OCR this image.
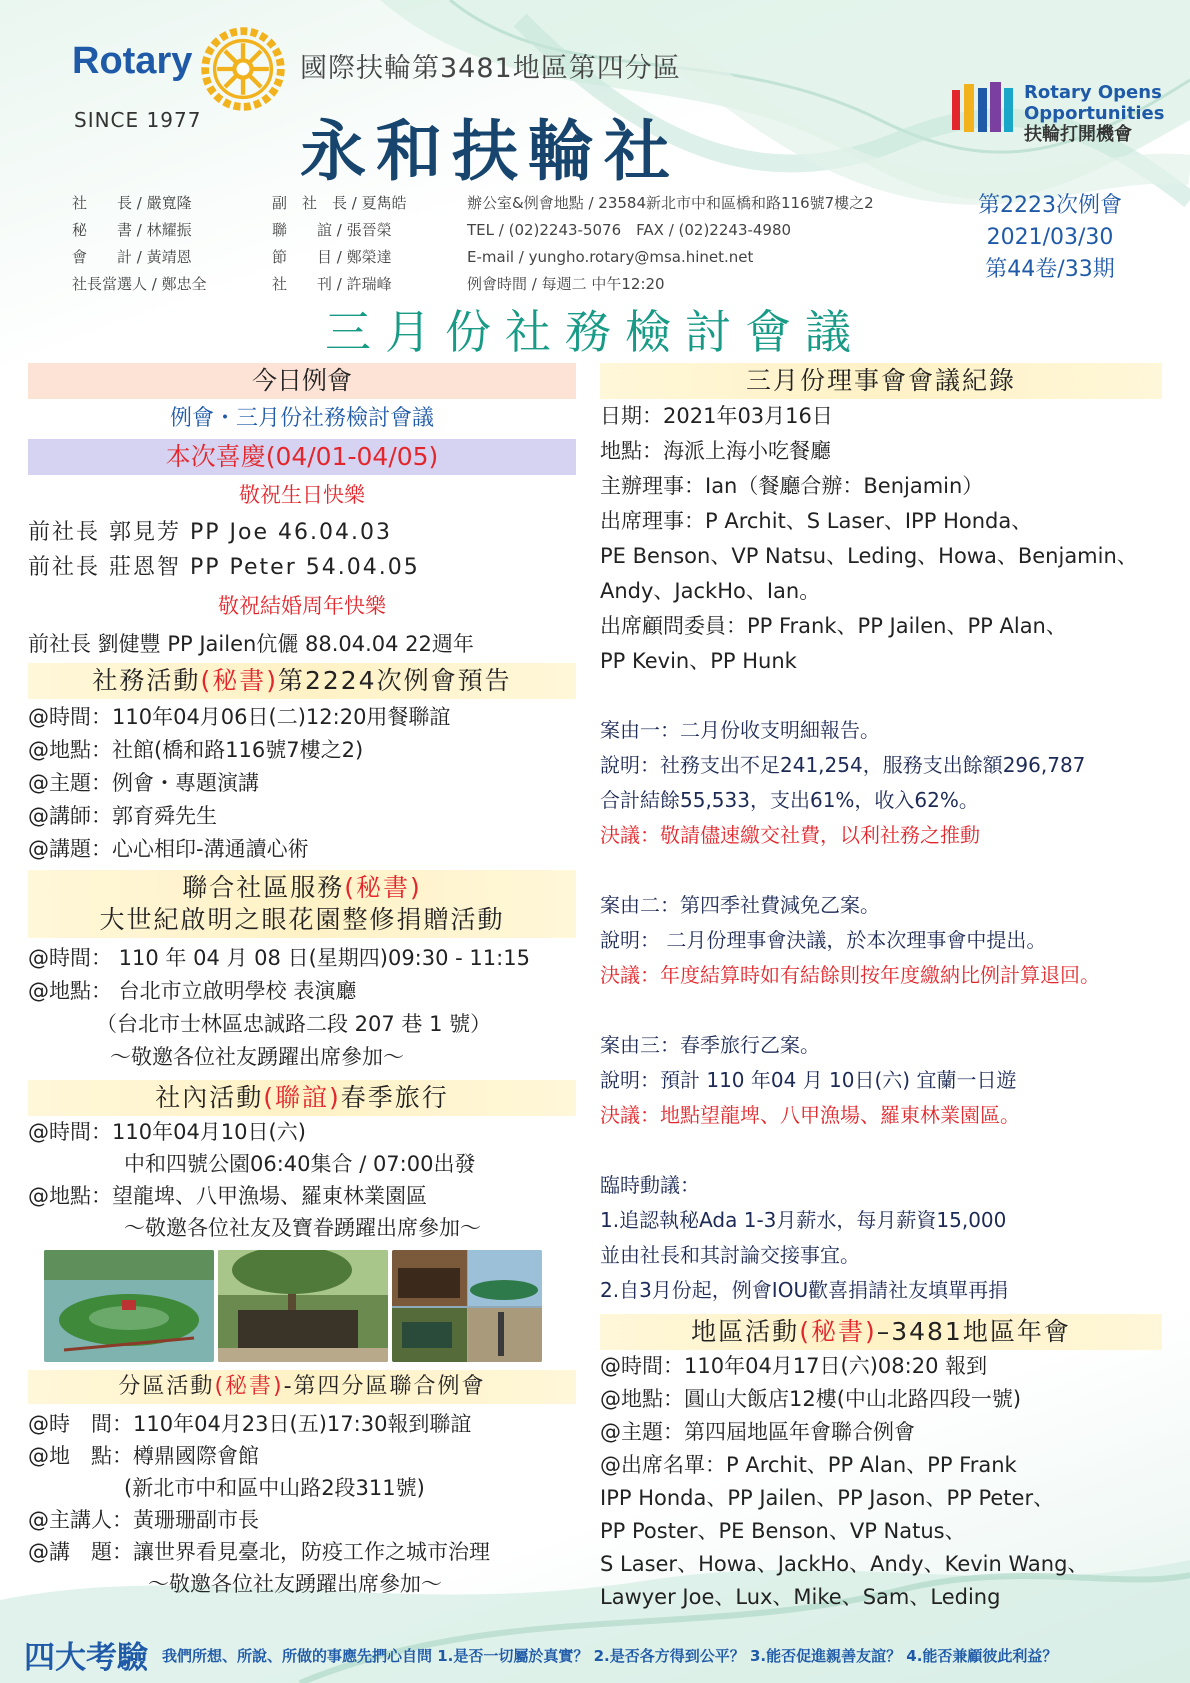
Rotary
SINCE 1977
國際扶輪第3481地區第四分區
永和扶輪社
Rotary Opens
Opportunities
扶輪打開機會
社　　長 / 嚴寬隆	副　社　長 / 夏雋皓	辦公室&例會地點 / 23584新北市中和區橋和路116號7樓之2
秘　　書 / 林耀振	聯　　誼 / 張晉榮	TEL / (02)2243-5076　FAX / (02)2243-4980
會　　計 / 黃靖恩	節　　目 / 鄭榮達	E-mail / yungho.rotary@msa.hinet.net
社長當選人 / 鄭忠全	社　　刊 / 許瑞峰	例會時間 / 每週二 中午12:20
第2223次例會
2021/03/30
第44卷/33期
三月份社務檢討會議
今日例會
例會・三月份社務檢討會議
本次喜慶(04/01-04/05)
敬祝生日快樂
前社長 郭見芳 PP Joe 46.04.03
前社長 莊恩智 PP Peter 54.04.05
敬祝結婚周年快樂
前社長 劉健豐 PP Jailen伉儷 88.04.04 22週年
社務活動(秘書)第2224次例會預告
@時間：110年04月06日(二)12:20用餐聯誼
@地點：社館(橋和路116號7樓之2)
@主題：例會・專題演講
@講師：郭育舜先生
@講題：心心相印-溝通讀心術
聯合社區服務(秘書)
大世紀啟明之眼花園整修捐贈活動
@時間： 110 年 04 月 08 日(星期四)09:30 - 11:15
@地點： 台北市立啟明學校 表演廳
（台北市士林區忠誠路二段 207 巷 1 號）
～敬邀各位社友踴躍出席參加～
社內活動(聯誼)春季旅行
@時間：110年04月10日(六)
中和四號公園06:40集合 / 07:00出發
@地點：望龍埤、八甲漁場、羅東林業園區
～敬邀各位社友及寶眷踴躍出席參加～
分區活動(秘書)-第四分區聯合例會
@時　間：110年04月23日(五)17:30報到聯誼
@地　點：樽鼎國際會館
(新北市中和區中山路2段311號)
@主講人：黃珊珊副市長
@講　題：讓世界看見臺北，防疫工作之城市治理
～敬邀各位社友踴躍出席參加～
三月份理事會會議紀錄
日期：2021年03月16日
地點：海派上海小吃餐廳
主辦理事：Ian（餐廳合辦：Benjamin）
出席理事：P Archit、S Laser、IPP Honda、
PE Benson、VP Natsu、Leding、Howa、Benjamin、
Andy、JackHo、Ian。
出席顧問委員：PP Frank、PP Jailen、PP Alan、
PP Kevin、PP Hunk
案由一：二月份收支明細報告。
說明：社務支出不足241,254，服務支出餘額296,787
合計結餘55,533，支出61%，收入62%。
決議：敬請儘速繳交社費，以利社務之推動
案由二：第四季社費減免乙案。
說明： 二月份理事會決議，於本次理事會中提出。
決議：年度結算時如有結餘則按年度繳納比例計算退回。
案由三：春季旅行乙案。
說明：預計 110 年04 月 10日(六) 宜蘭一日遊
決議：地點望龍埤、八甲漁場、羅東林業園區。
臨時動議：
1.追認執秘Ada 1-3月薪水，每月薪資15,000
並由社長和其討論交接事宜。
2.自3月份起，例會IOU歡喜捐請社友填單再捐
地區活動(秘書)–3481地區年會
@時間：110年04月17日(六)08:20 報到
@地點：圓山大飯店12樓(中山北路四段一號)
@主題：第四屆地區年會聯合例會
@出席名單：P Archit、PP Alan、PP Frank
IPP Honda、PP Jailen、PP Jason、PP Peter、
PP Poster、PE Benson、VP Natus、
S Laser、Howa、JackHo、Andy、Kevin Wang、
Lawyer Joe、Lux、Mike、Sam、Leding
四大考驗 我們所想、所說、所做的事應先捫心自問 1.是否一切屬於真實？ 2.是否各方得到公平？ 3.能否促進親善友誼？ 4.能否兼顧彼此利益？
